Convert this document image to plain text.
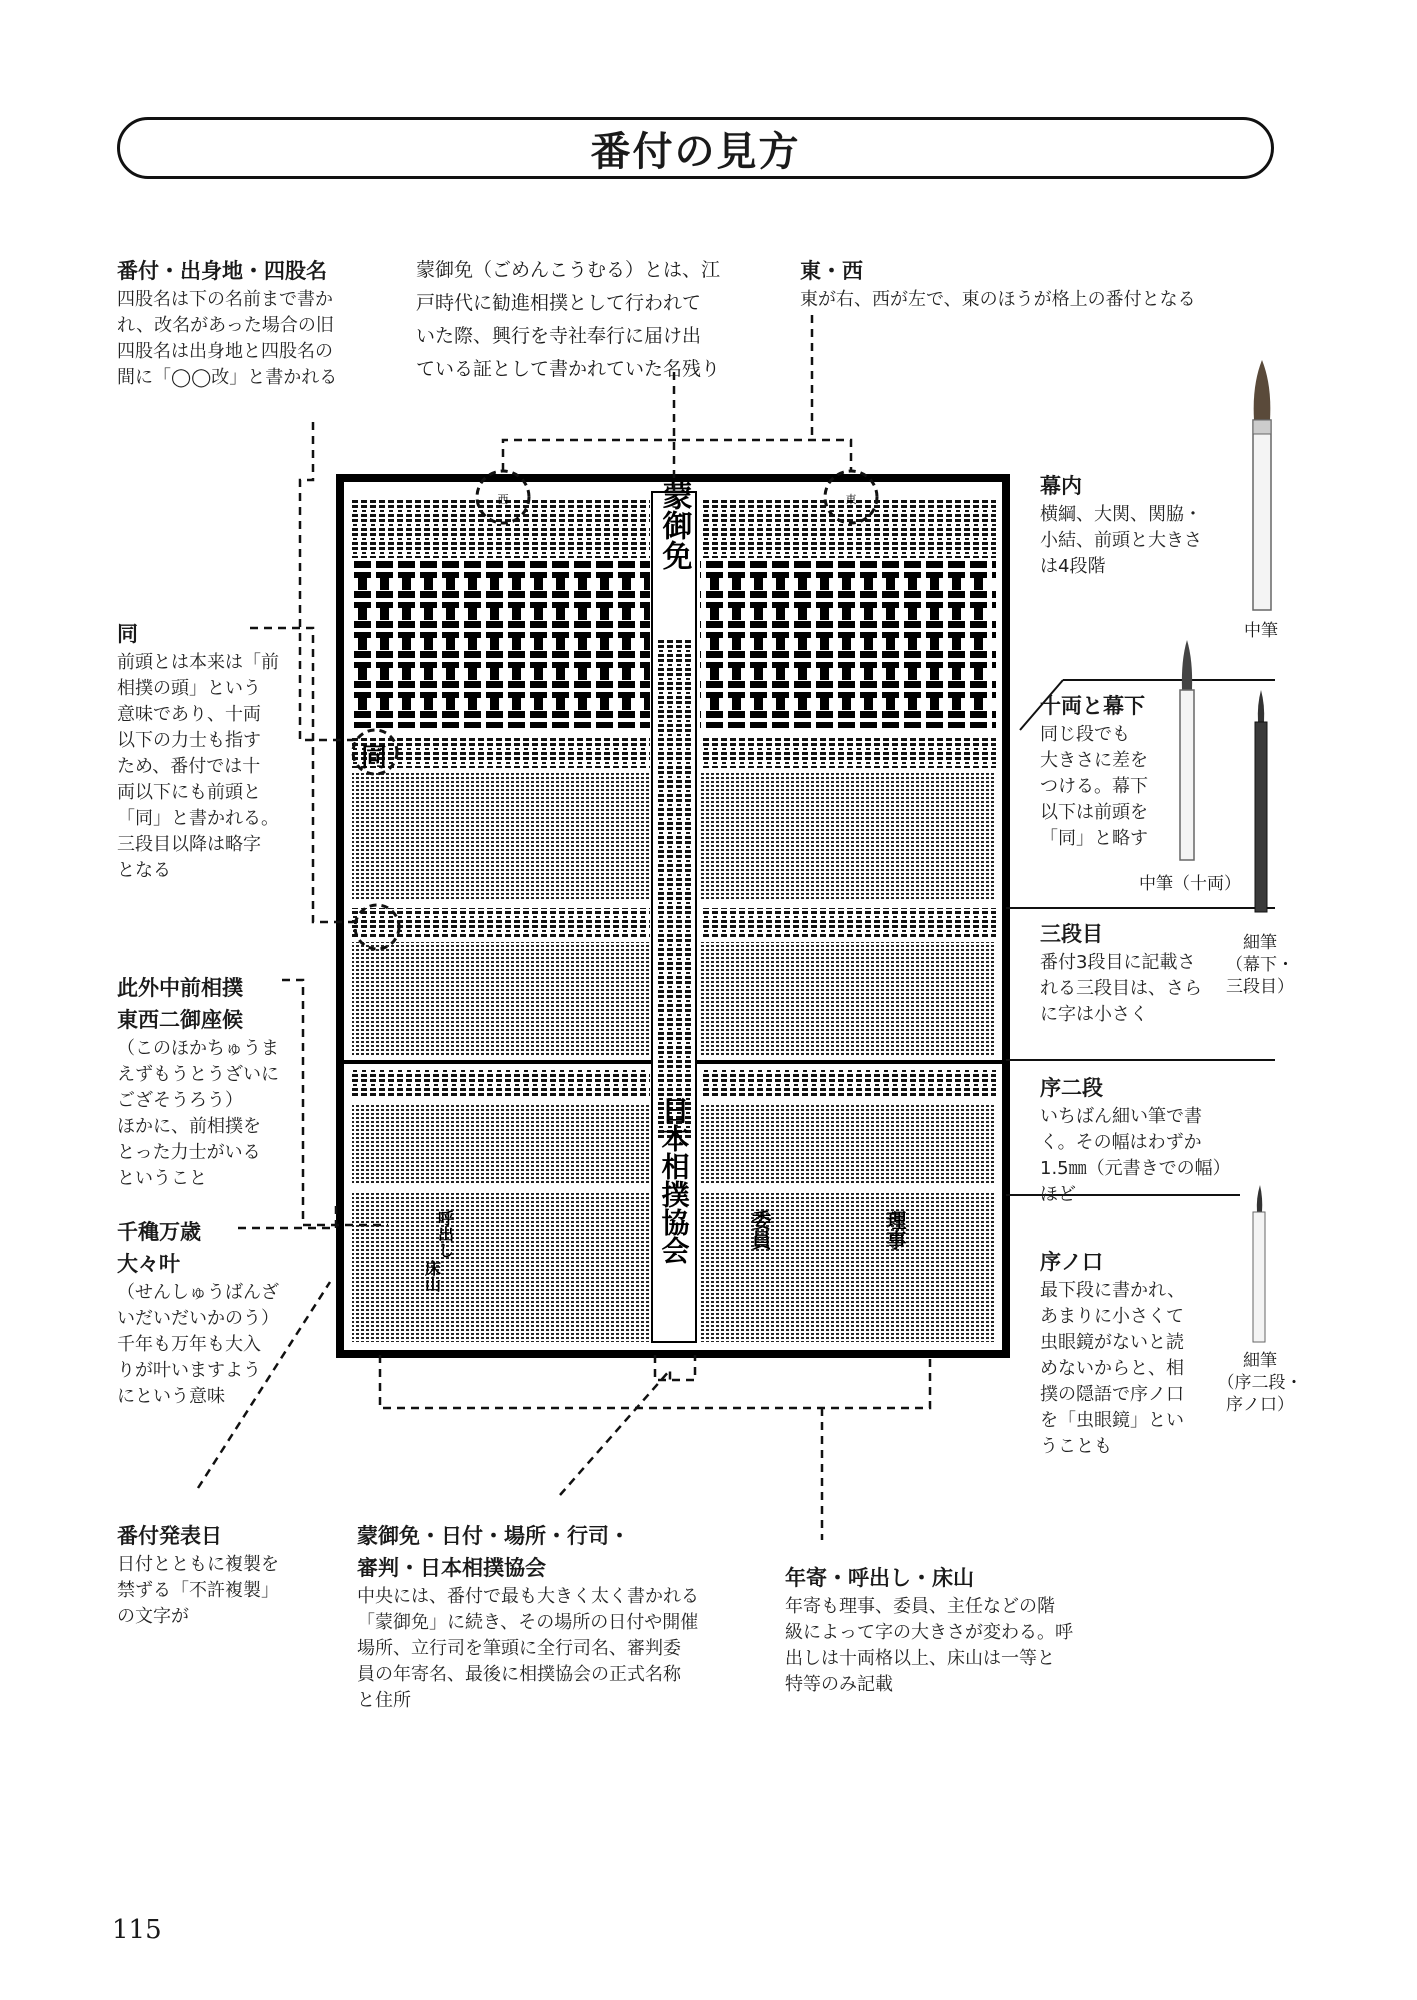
番付の見方
蒙御免
日本相撲協会
同
床山
呼出し	委員	理事
西	東
番付・出身地・四股名
四股名は下の名前まで書か
れ、改名があった場合の旧
四股名は出身地と四股名の
間に「◯◯改」と書かれる
蒙御免（ごめんこうむる）とは、江
戸時代に勧進相撲として行われて
いた際、興行を寺社奉行に届け出
ている証として書かれていた名残り
東・西
東が右、西が左で、東のほうが格上の番付となる
同
前頭とは本来は「前
相撲の頭」という
意味であり、十両
以下の力士も指す
ため、番付では十
両以下にも前頭と
「同」と書かれる。
三段目以降は略字
となる
幕内
横綱、大関、関脇・
小結、前頭と大きさ
は4段階
十両と幕下
同じ段でも
大きさに差を
つける。幕下
以下は前頭を
「同」と略す
三段目
番付3段目に記載さ
れる三段目は、さら
に字は小さく
序二段
いちばん細い筆で書
く。その幅はわずか
1.5㎜（元書きでの幅）
ほど
序ノ口
最下段に書かれ、
あまりに小さくて
虫眼鏡がないと読
めないからと、相
撲の隠語で序ノ口
を「虫眼鏡」とい
うことも
此外中前相撲
東西二御座候
（このほかちゅうま
えずもうとうざいに
ござそうろう）
ほかに、前相撲を
とった力士がいる
ということ
千穐万歳
大々叶
（せんしゅうばんざ
いだいだいかのう）
千年も万年も大入
りが叶いますよう
にという意味
番付発表日
日付とともに複製を
禁ずる「不許複製」
の文字が
蒙御免・日付・場所・行司・
審判・日本相撲協会
中央には、番付で最も大きく太く書かれる
「蒙御免」に続き、その場所の日付や開催
場所、立行司を筆頭に全行司名、審判委
員の年寄名、最後に相撲協会の正式名称
と住所
年寄・呼出し・床山
年寄も理事、委員、主任などの階
級によって字の大きさが変わる。呼
出しは十両格以上、床山は一等と
特等のみ記載
中筆
中筆（十両）
細筆
（幕下・
三段目）
細筆
（序二段・
序ノ口）
115
